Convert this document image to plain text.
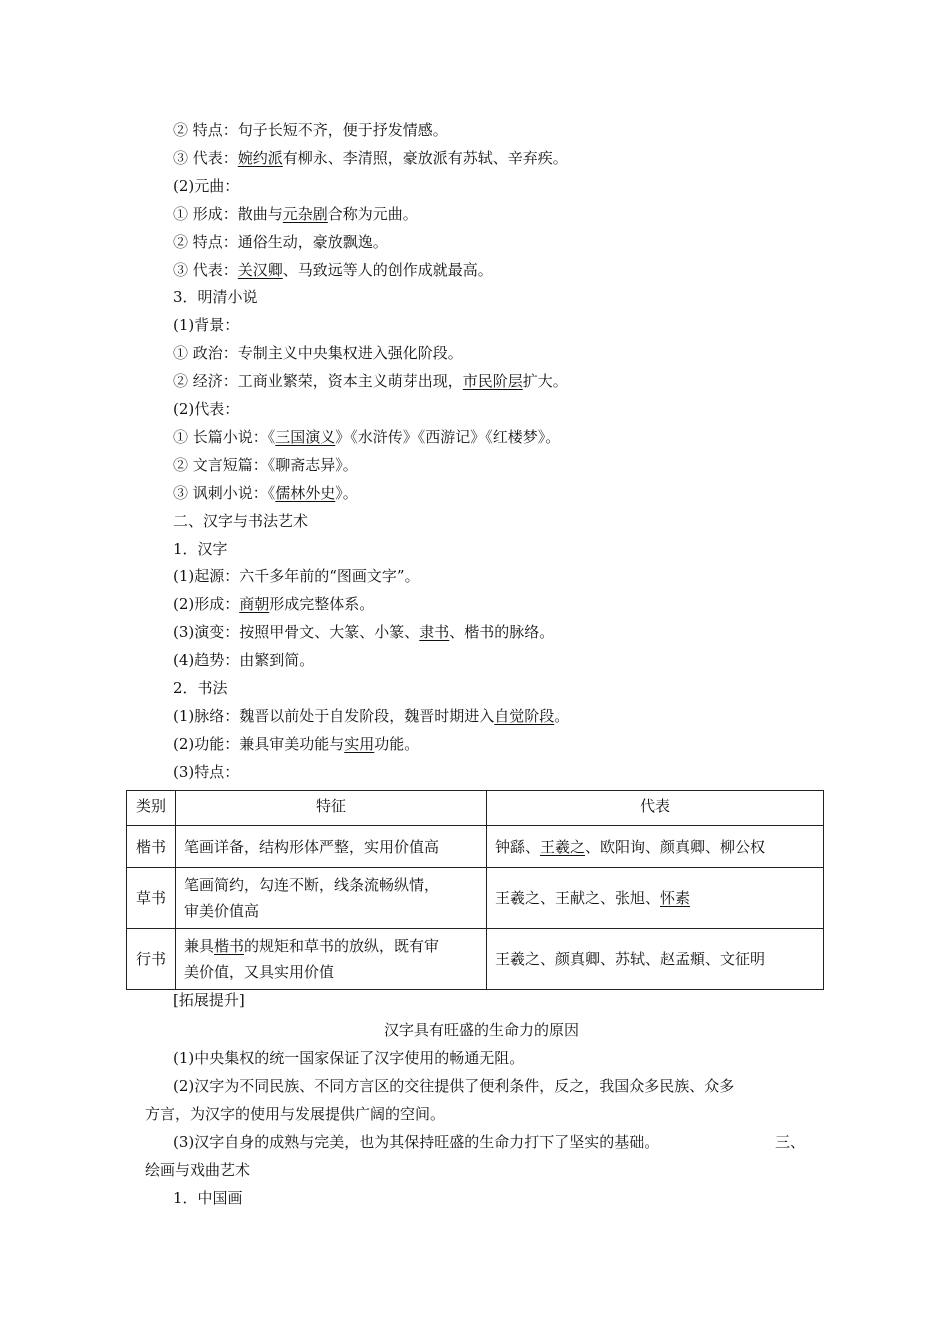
② 特点：句子长短不齐，便于抒发情感。
③ 代表：婉约派有柳永、李清照，豪放派有苏轼、辛弃疾。
(2)元曲：
① 形成：散曲与元杂剧合称为元曲。
② 特点：通俗生动，豪放飘逸。
③ 代表：关汉卿、马致远等人的创作成就最高。
3．明清小说
(1)背景：
① 政治：专制主义中央集权进入强化阶段。
② 经济：工商业繁荣，资本主义萌芽出现，市民阶层扩大。
(2)代表：
① 长篇小说：《三国演义》《水浒传》《西游记》《红楼梦》。
② 文言短篇：《聊斋志异》。
③ 讽刺小说：《儒林外史》。
二、汉字与书法艺术
1．汉字
(1)起源：六千多年前的“图画文字”。
(2)形成：商朝形成完整体系。
(3)演变：按照甲骨文、大篆、小篆、隶书、楷书的脉络。
(4)趋势：由繁到简。
2．书法
(1)脉络：魏晋以前处于自发阶段，魏晋时期进入自觉阶段。
(2)功能：兼具审美功能与实用功能。
(3)特点：
类别	特征	代表
楷书	笔画详备，结构形体严整，实用价值高	钟繇、王羲之、欧阳询、颜真卿、柳公权
草书	笔画简约，勾连不断，线条流畅纵情，
审美价值高	王羲之、王献之、张旭、怀素
行书	兼具楷书的规矩和草书的放纵，既有审
美价值，又具实用价值	王羲之、颜真卿、苏轼、赵孟頫、文征明
[拓展提升]
汉字具有旺盛的生命力的原因
(1)中央集权的统一国家保证了汉字使用的畅通无阻。
(2)汉字为不同民族、不同方言区的交往提供了便利条件，反之，我国众多民族、众多
方言，为汉字的使用与发展提供广阔的空间。
(3)汉字自身的成熟与完美，也为其保持旺盛的生命力打下了坚实的基础。	三、
绘画与戏曲艺术
1．中国画
